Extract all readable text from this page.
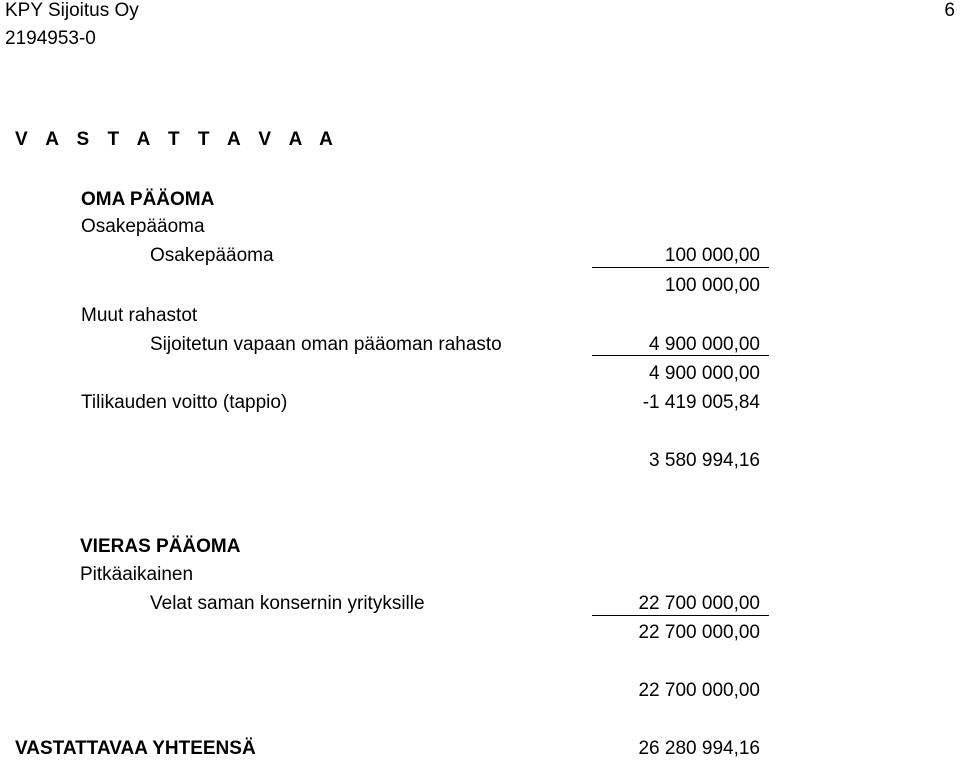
KPY Sijoitus Oy
2194953-0
6
V A S T A T T A V A A
OMA PÄÄOMA
Osakepääoma
Osakepääoma	100 000,00
100 000,00
Muut rahastot
Sijoitetun vapaan oman pääoman rahasto	4 900 000,00
4 900 000,00
Tilikauden voitto (tappio)	-1 419 005,84
3 580 994,16
VIERAS PÄÄOMA
Pitkäaikainen
Velat saman konsernin yrityksille	22 700 000,00
22 700 000,00
22 700 000,00
VASTATTAVAA YHTEENSÄ	26 280 994,16
